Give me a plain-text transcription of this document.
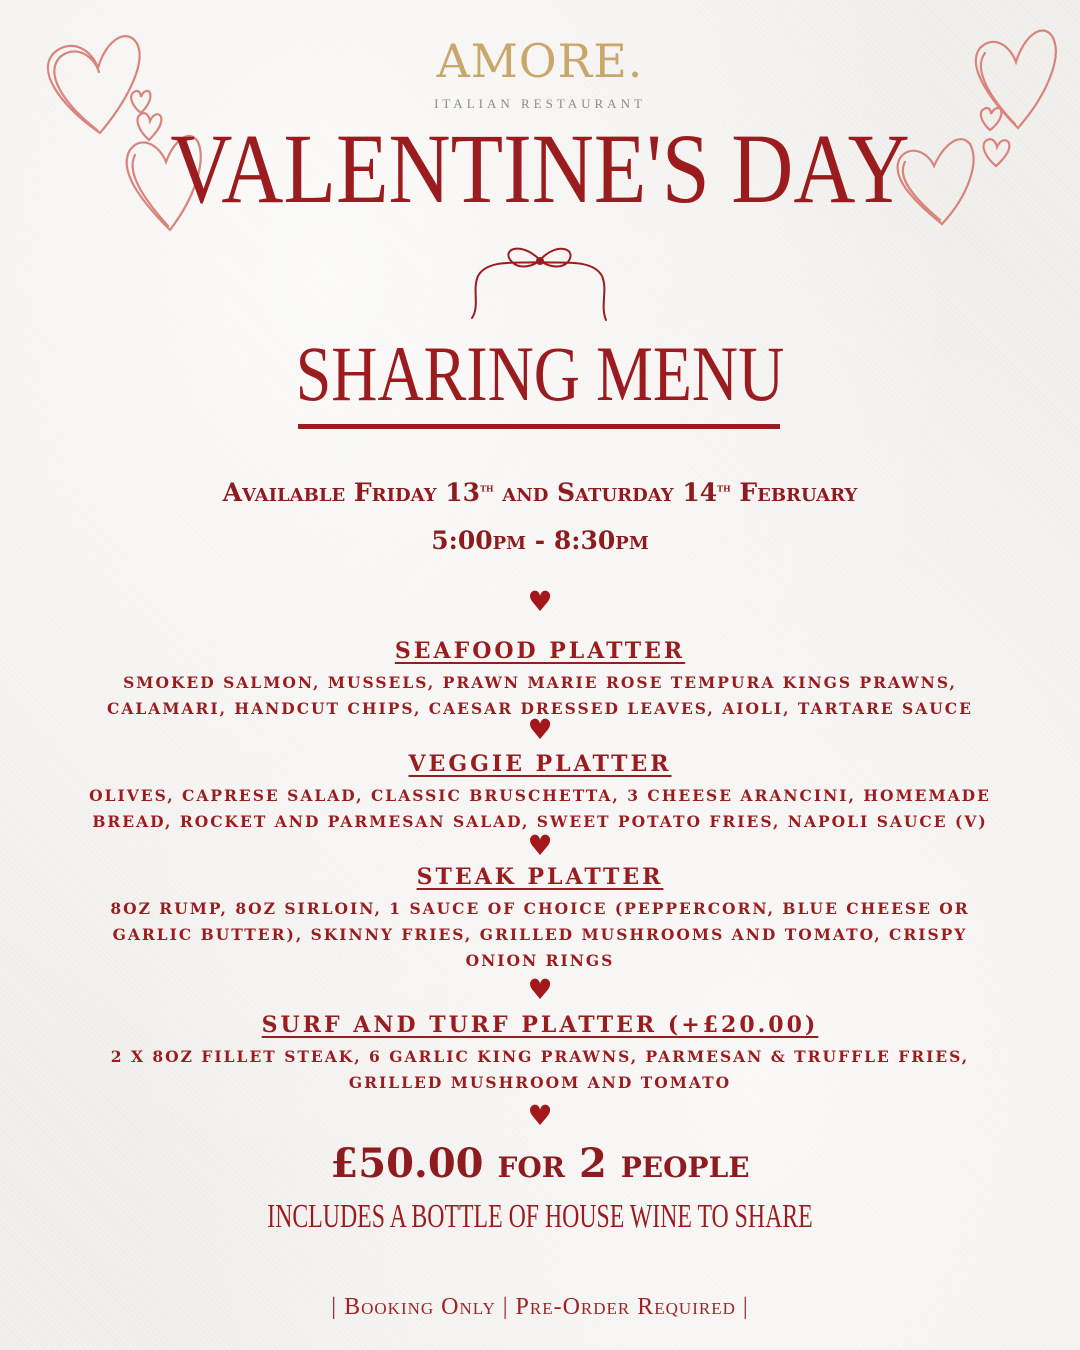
AMORE.
ITALIAN RESTAURANT
VALENTINE'S DAY
SHARING MENU
Available Friday 13th and Saturday 14th February
5:00pm - 8:30pm
♥
SEAFOOD PLATTER
SMOKED SALMON, MUSSELS, PRAWN MARIE ROSE TEMPURA KINGS PRAWNS,
CALAMARI, HANDCUT CHIPS, CAESAR DRESSED LEAVES, AIOLI, TARTARE SAUCE
♥
VEGGIE PLATTER
OLIVES, CAPRESE SALAD, CLASSIC BRUSCHETTA, 3 CHEESE ARANCINI, HOMEMADE
BREAD, ROCKET AND PARMESAN SALAD, SWEET POTATO FRIES, NAPOLI SAUCE (V)
♥
STEAK PLATTER
8OZ RUMP, 8OZ SIRLOIN, 1 SAUCE OF CHOICE (PEPPERCORN, BLUE CHEESE OR
GARLIC BUTTER), SKINNY FRIES, GRILLED MUSHROOMS AND TOMATO, CRISPY
ONION RINGS
♥
SURF AND TURF PLATTER (+£20.00)
2 X 8OZ FILLET STEAK, 6 GARLIC KING PRAWNS, PARMESAN & TRUFFLE FRIES,
GRILLED MUSHROOM AND TOMATO
♥
£50.00 for 2 people
INCLUDES A BOTTLE OF HOUSE WINE TO SHARE
| Booking Only | Pre-Order Required |
